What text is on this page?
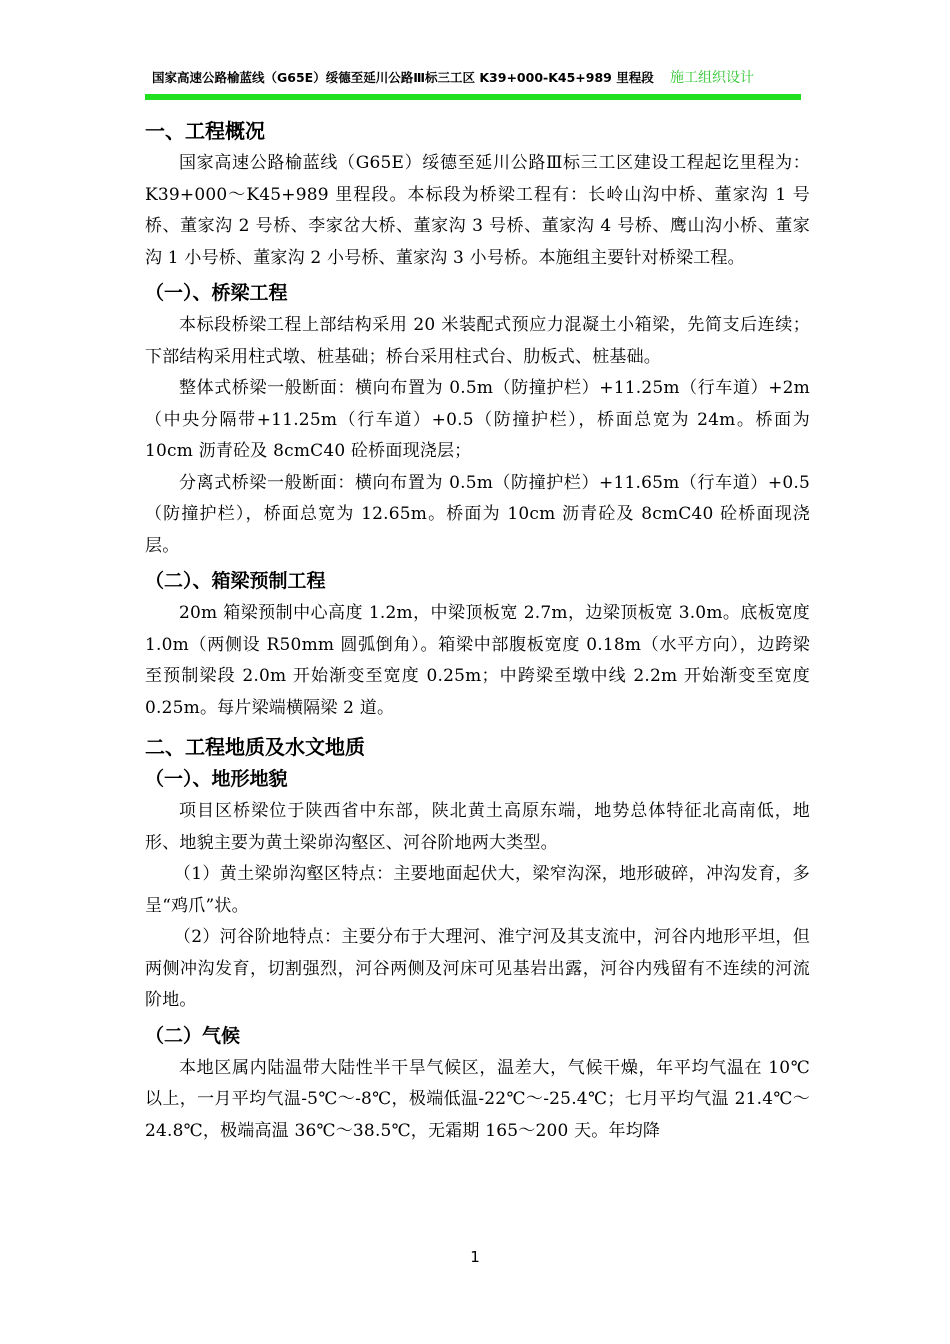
国家高速公路榆蓝线（G65E）绥德至延川公路Ⅲ标三工区 K39+000-K45+989 里程段 施工组织设计
一、工程概况

国家高速公路榆蓝线（G65E）绥德至延川公路Ⅲ标三工区建设工程起讫里程为：K39+000～K45+989 里程段。本标段为桥梁工程有：长岭山沟中桥、董家沟 1 号桥、董家沟 2 号桥、李家岔大桥、董家沟 3 号桥、董家沟 4 号桥、鹰山沟小桥、董家沟 1 小号桥、董家沟 2 小号桥、董家沟 3 小号桥。本施组主要针对桥梁工程。

（一）、桥梁工程

本标段桥梁工程上部结构采用 20 米装配式预应力混凝土小箱梁，先简支后连续；下部结构采用柱式墩、桩基础；桥台采用柱式台、肋板式、桩基础。

整体式桥梁一般断面：横向布置为 0.5m（防撞护栏）+11.25m（行车道）+2m（中央分隔带+11.25m（行车道）+0.5（防撞护栏），桥面总宽为 24m。桥面为 10cm 沥青砼及 8cmC40 砼桥面现浇层；

分离式桥梁一般断面：横向布置为 0.5m（防撞护栏）+11.65m（行车道）+0.5（防撞护栏），桥面总宽为 12.65m。桥面为 10cm 沥青砼及 8cmC40 砼桥面现浇层。

（二）、箱梁预制工程

20m 箱梁预制中心高度 1.2m，中梁顶板宽 2.7m，边梁顶板宽 3.0m。底板宽度 1.0m（两侧设 R50mm 圆弧倒角）。箱梁中部腹板宽度 0.18m（水平方向），边跨梁至预制梁段 2.0m 开始渐变至宽度 0.25m；中跨梁至墩中线 2.2m 开始渐变至宽度 0.25m。每片梁端横隔梁 2 道。

二、工程地质及水文地质
（一）、地形地貌

项目区桥梁位于陕西省中东部，陕北黄土高原东端，地势总体特征北高南低，地形、地貌主要为黄土梁峁沟壑区、河谷阶地两大类型。

（1）黄土梁峁沟壑区特点：主要地面起伏大，梁窄沟深，地形破碎，冲沟发育，多呈“鸡爪”状。

（2）河谷阶地特点：主要分布于大理河、淮宁河及其支流中，河谷内地形平坦，但两侧冲沟发育，切割强烈，河谷两侧及河床可见基岩出露，河谷内残留有不连续的河流阶地。

（二）气候

本地区属内陆温带大陆性半干旱气候区，温差大，气候干燥，年平均气温在 10℃以上，一月平均气温-5℃～-8℃，极端低温-22℃～-25.4℃；七月平均气温 21.4℃～24.8℃，极端高温 36℃～38.5℃，无霜期 165～200 天。年均降

1
